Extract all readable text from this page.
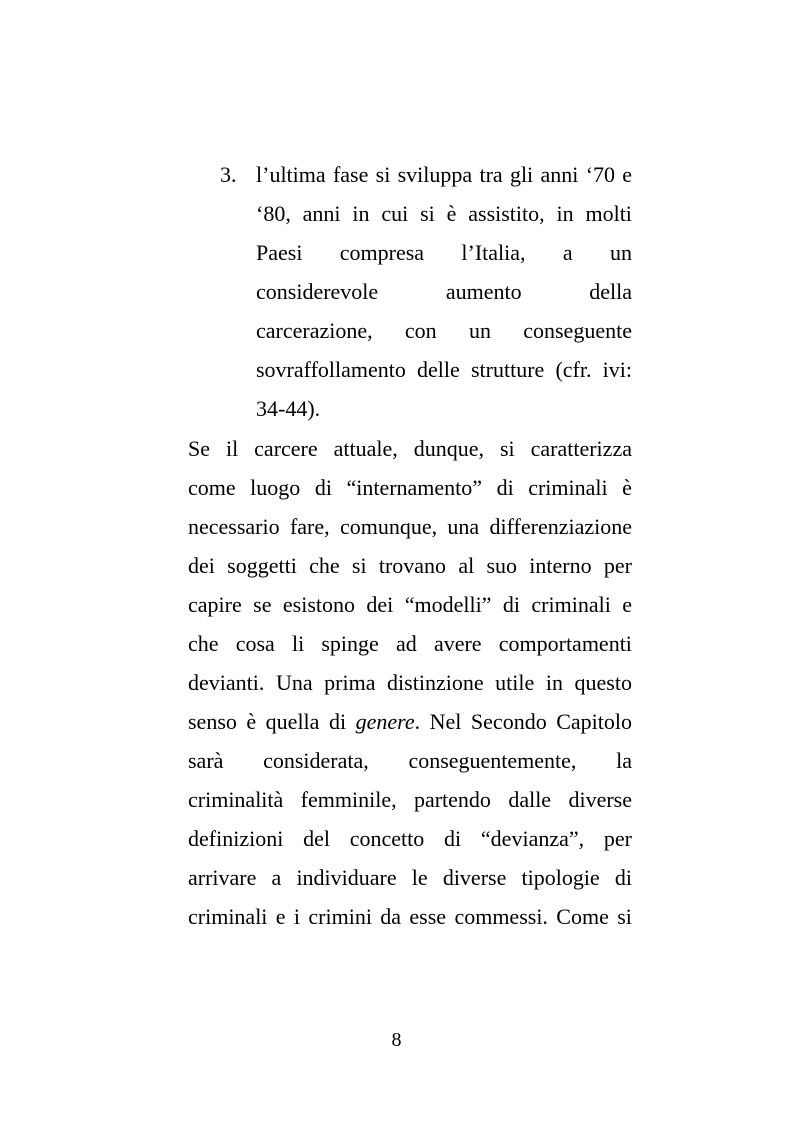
3. l’ultima fase si sviluppa tra gli anni ‘70 e
‘80, anni in cui si è assistito, in molti
Paesi compresa l’Italia, a un
considerevole	aumento	della
carcerazione, con un conseguente
sovraffollamento delle strutture (cfr. ivi:
34-44).
Se il carcere attuale, dunque, si caratterizza
come luogo di “internamento” di criminali è
necessario fare, comunque, una differenziazione
dei soggetti che si trovano al suo interno per
capire se esistono dei “modelli” di criminali e
che cosa li spinge ad avere comportamenti
devianti. Una prima distinzione utile in questo
senso è quella di genere. Nel Secondo Capitolo
sarà considerata, conseguentemente, la
criminalità femminile, partendo dalle diverse
definizioni del concetto di “devianza”, per
arrivare a individuare le diverse tipologie di
criminali e i crimini da esse commessi. Come si
8
